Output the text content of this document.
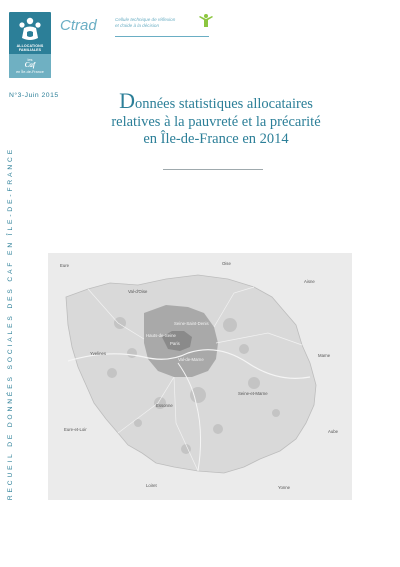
ALLOCATIONS
FAMILIALES
les
Caf
en Île-de-France
Ctrad	Cellule technique de réflexion
et d'aide à la décision
N°3-Juin 2015	Données statistiques allocataires
relatives à la pauvreté et la précarité
en Île-de-France en 2014
RECUEIL DE DONNÉES SOCIALES DES CAF EN ÎLE-DE-FRANCE	Eure	Oise
Aisne
Val-d'Oise
Seine-Saint-Denis
Hauts-de-Seine
Paris
Val-de-Marne
Yvelines
Essonne
Seine-et-Marne
Marne
Eure-et-Loir	Aube
Loiret	Yonne
